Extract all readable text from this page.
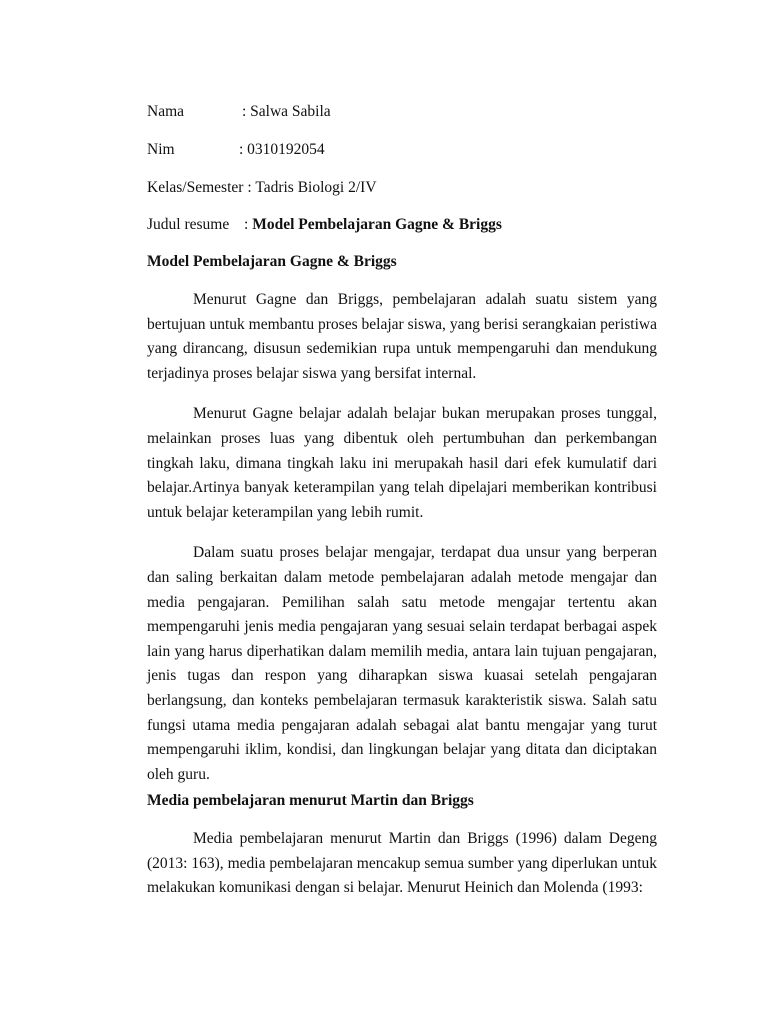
Nama	: Salwa Sabila
Nim	: 0310192054
Kelas/Semester : Tadris Biologi 2/IV
Judul resume : Model Pembelajaran Gagne & Briggs
Model Pembelajaran Gagne & Briggs

Menurut Gagne dan Briggs, pembelajaran adalah suatu sistem yang bertujuan untuk membantu proses belajar siswa, yang berisi serangkaian peristiwa yang dirancang, disusun sedemikian rupa untuk mempengaruhi dan mendukung terjadinya proses belajar siswa yang bersifat internal.

Menurut Gagne belajar adalah belajar bukan merupakan proses tunggal, melainkan proses luas yang dibentuk oleh pertumbuhan dan perkembangan tingkah laku, dimana tingkah laku ini merupakah hasil dari efek kumulatif dari belajar.Artinya banyak keterampilan yang telah dipelajari memberikan kontribusi untuk belajar keterampilan yang lebih rumit.

Dalam suatu proses belajar mengajar, terdapat dua unsur yang berperan dan saling berkaitan dalam metode pembelajaran adalah metode mengajar dan media pengajaran. Pemilihan salah satu metode mengajar tertentu akan mempengaruhi jenis media pengajaran yang sesuai selain terdapat berbagai aspek lain yang harus diperhatikan dalam memilih media, antara lain tujuan pengajaran, jenis tugas dan respon yang diharapkan siswa kuasai setelah pengajaran berlangsung, dan konteks pembelajaran termasuk karakteristik siswa. Salah satu fungsi utama media pengajaran adalah sebagai alat bantu mengajar yang turut mempengaruhi iklim, kondisi, dan lingkungan belajar yang ditata dan diciptakan oleh guru.

Media pembelajaran menurut Martin dan Briggs

Media pembelajaran menurut Martin dan Briggs (1996) dalam Degeng (2013: 163), media pembelajaran mencakup semua sumber yang diperlukan untuk melakukan komunikasi dengan si belajar. Menurut Heinich dan Molenda (1993:
